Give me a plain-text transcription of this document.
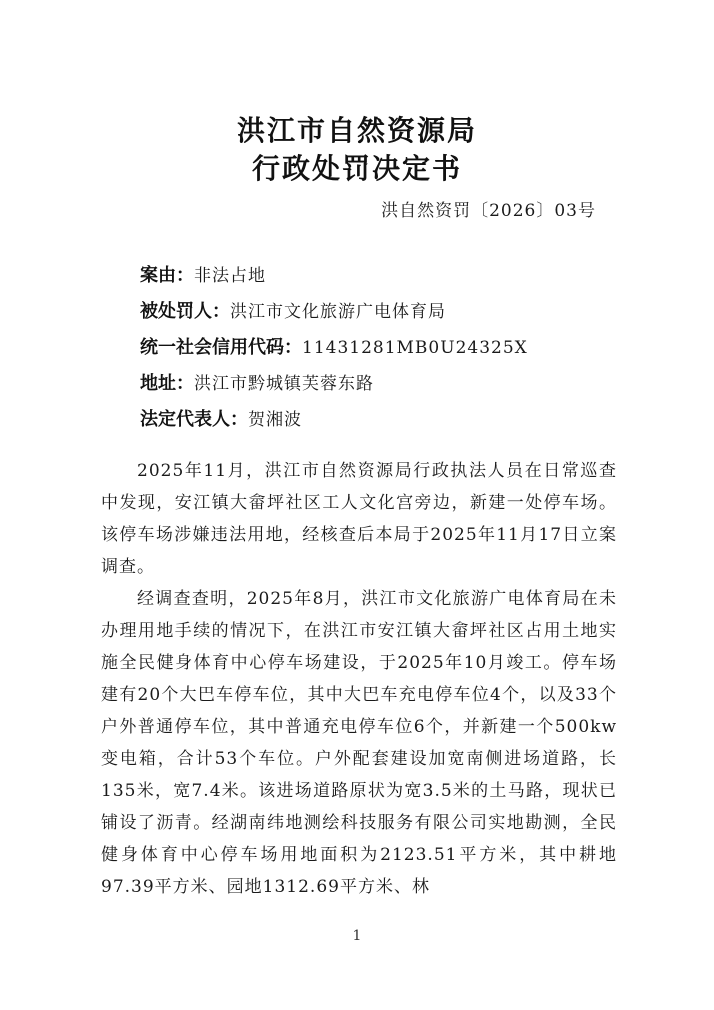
洪江市自然资源局
行政处罚决定书
洪自然资罚〔2026〕03号
案由：非法占地
被处罚人：洪江市文化旅游广电体育局
统一社会信用代码：11431281MB0U24325X
地址：洪江市黔城镇芙蓉东路
法定代表人：贺湘波

2025年11月，洪江市自然资源局行政执法人员在日常巡查中发现，安江镇大畲坪社区工人文化宫旁边，新建一处停车场。该停车场涉嫌违法用地，经核查后本局于2025年11月17日立案调查。

经调查查明，2025年8月，洪江市文化旅游广电体育局在未办理用地手续的情况下，在洪江市安江镇大畲坪社区占用土地实施全民健身体育中心停车场建设，于2025年10月竣工。停车场建有20个大巴车停车位，其中大巴车充电停车位4个，以及33个户外普通停车位，其中普通充电停车位6个，并新建一个500kw变电箱，合计53个车位。户外配套建设加宽南侧进场道路，长135米，宽7.4米。该进场道路原状为宽3.5米的土马路，现状已铺设了沥青。经湖南纬地测绘科技服务有限公司实地勘测，全民健身体育中心停车场用地面积为2123.51平方米，其中耕地97.39平方米、园地1312.69平方米、林

1
